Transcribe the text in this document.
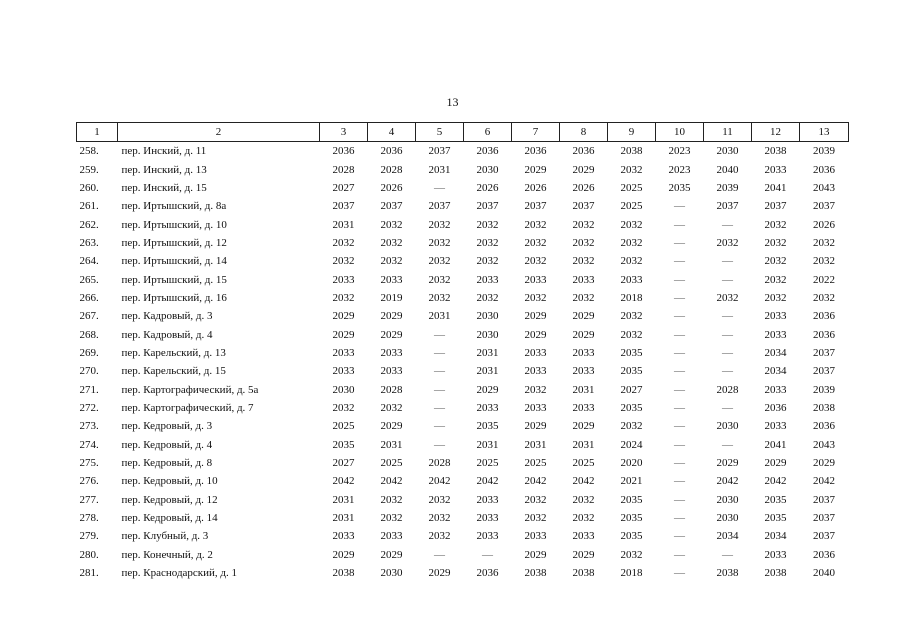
13
1	2	3	4	5	6	7	8	9	10	11	12	13
258.	пер. Инский, д. 11	2036	2036	2037	2036	2036	2036	2038	2023	2030	2038	2039
259.	пер. Инский, д. 13	2028	2028	2031	2030	2029	2029	2032	2023	2040	2033	2036
260.	пер. Инский, д. 15	2027	2026	—	2026	2026	2026	2025	2035	2039	2041	2043
261.	пер. Иртышский, д. 8а	2037	2037	2037	2037	2037	2037	2025	—	2037	2037	2037
262.	пер. Иртышский, д. 10	2031	2032	2032	2032	2032	2032	2032	—	—	2032	2026
263.	пер. Иртышский, д. 12	2032	2032	2032	2032	2032	2032	2032	—	2032	2032	2032
264.	пер. Иртышский, д. 14	2032	2032	2032	2032	2032	2032	2032	—	—	2032	2032
265.	пер. Иртышский, д. 15	2033	2033	2032	2033	2033	2033	2033	—	—	2032	2022
266.	пер. Иртышский, д. 16	2032	2019	2032	2032	2032	2032	2018	—	2032	2032	2032
267.	пер. Кадровый, д. 3	2029	2029	2031	2030	2029	2029	2032	—	—	2033	2036
268.	пер. Кадровый, д. 4	2029	2029	—	2030	2029	2029	2032	—	—	2033	2036
269.	пер. Карельский, д. 13	2033	2033	—	2031	2033	2033	2035	—	—	2034	2037
270.	пер. Карельский, д. 15	2033	2033	—	2031	2033	2033	2035	—	—	2034	2037
271.	пер. Картографический, д. 5а	2030	2028	—	2029	2032	2031	2027	—	2028	2033	2039
272.	пер. Картографический, д. 7	2032	2032	—	2033	2033	2033	2035	—	—	2036	2038
273.	пер. Кедровый, д. 3	2025	2029	—	2035	2029	2029	2032	—	2030	2033	2036
274.	пер. Кедровый, д. 4	2035	2031	—	2031	2031	2031	2024	—	—	2041	2043
275.	пер. Кедровый, д. 8	2027	2025	2028	2025	2025	2025	2020	—	2029	2029	2029
276.	пер. Кедровый, д. 10	2042	2042	2042	2042	2042	2042	2021	—	2042	2042	2042
277.	пер. Кедровый, д. 12	2031	2032	2032	2033	2032	2032	2035	—	2030	2035	2037
278.	пер. Кедровый, д. 14	2031	2032	2032	2033	2032	2032	2035	—	2030	2035	2037
279.	пер. Клубный, д. 3	2033	2033	2032	2033	2033	2033	2035	—	2034	2034	2037
280.	пер. Конечный, д. 2	2029	2029	—	—	2029	2029	2032	—	—	2033	2036
281.	пер. Краснодарский, д. 1	2038	2030	2029	2036	2038	2038	2018	—	2038	2038	2040
